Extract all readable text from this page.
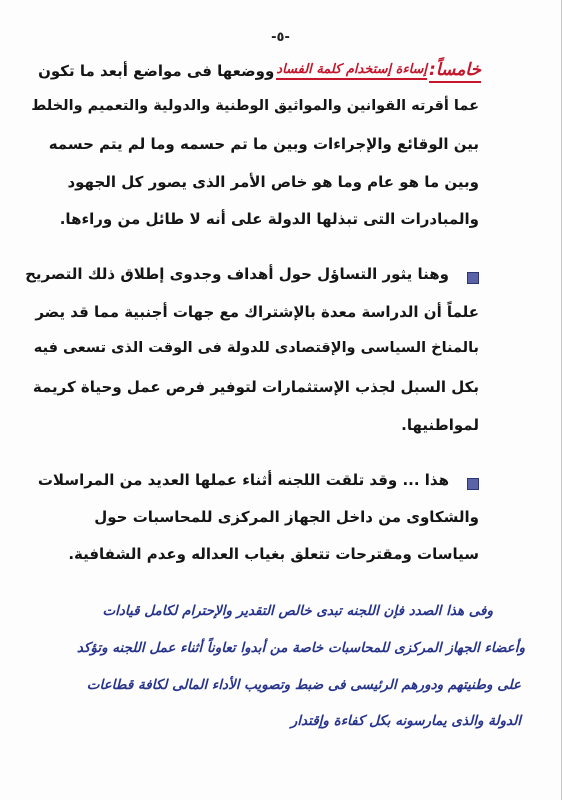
-٥-
خامساً:
إساءة إستخدام كلمة الفساد
ووضعها فى مواضع أبعد ما تكون
عما أقرته القوانين والمواثيق الوطنية والدولية والتعميم والخلط
بين الوقائع والإجراءات وبين ما تم حسمه وما لم يتم حسمه
وبين ما هو عام وما هو خاص الأمر الذى يصور كل الجهود
والمبادرات التى تبذلها الدولة على أنه لا طائل من وراءها.
وهنا يثور التساؤل حول أهداف وجدوى إطلاق ذلك التصريح
علماً أن الدراسة معدة بالإشتراك مع جهات أجنبية مما قد يضر
بالمناخ السياسى والإقتصادى للدولة فى الوقت الذى تسعى فيه
بكل السبل لجذب الإستثمارات لتوفير فرص عمل وحياة كريمة
لمواطنيها.
هذا ... وقد تلقت اللجنه أثناء عملها العديد من المراسلات
والشكاوى من داخل الجهاز المركزى للمحاسبات حول
سياسات ومقترحات تتعلق بغياب العداله وعدم الشفافية.
وفى هذا الصدد فإن اللجنه تبدى خالص التقدير والإحترام لكامل قيادات
وأعضاء الجهاز المركزى للمحاسبات خاصة من أبدوا تعاوناً أثناء عمل اللجنه وتؤكد
على وطنيتهم ودورهم الرئيسى فى ضبط وتصويب الأداء المالى لكافة قطاعات
الدولة والذى يمارسونه بكل كفاءة وإقتدار
